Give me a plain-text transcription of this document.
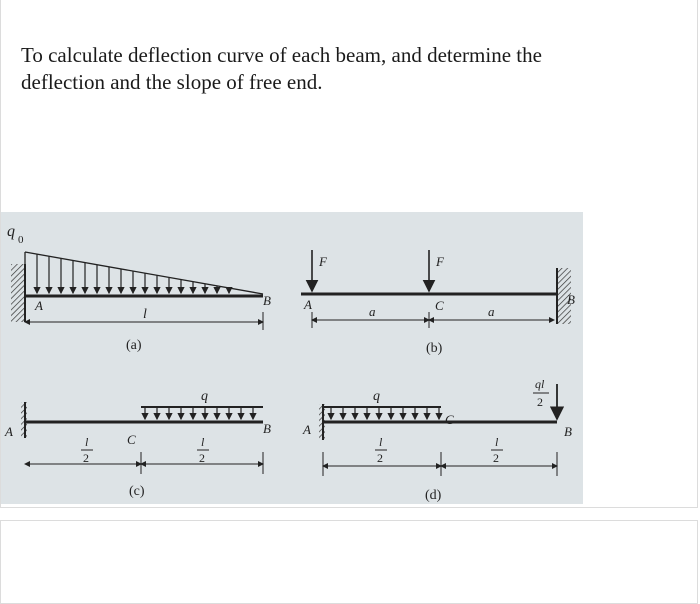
To calculate deflection curve of each beam, and determine the
deflection and the slope of free end.

q 0
A	B
l
(a)
F	F
A	C	B
a	a
(b)
q
A
C
B
l
2
l
2
(c)
q
ql
2
A
C
B
l
2
l
2
(d)
